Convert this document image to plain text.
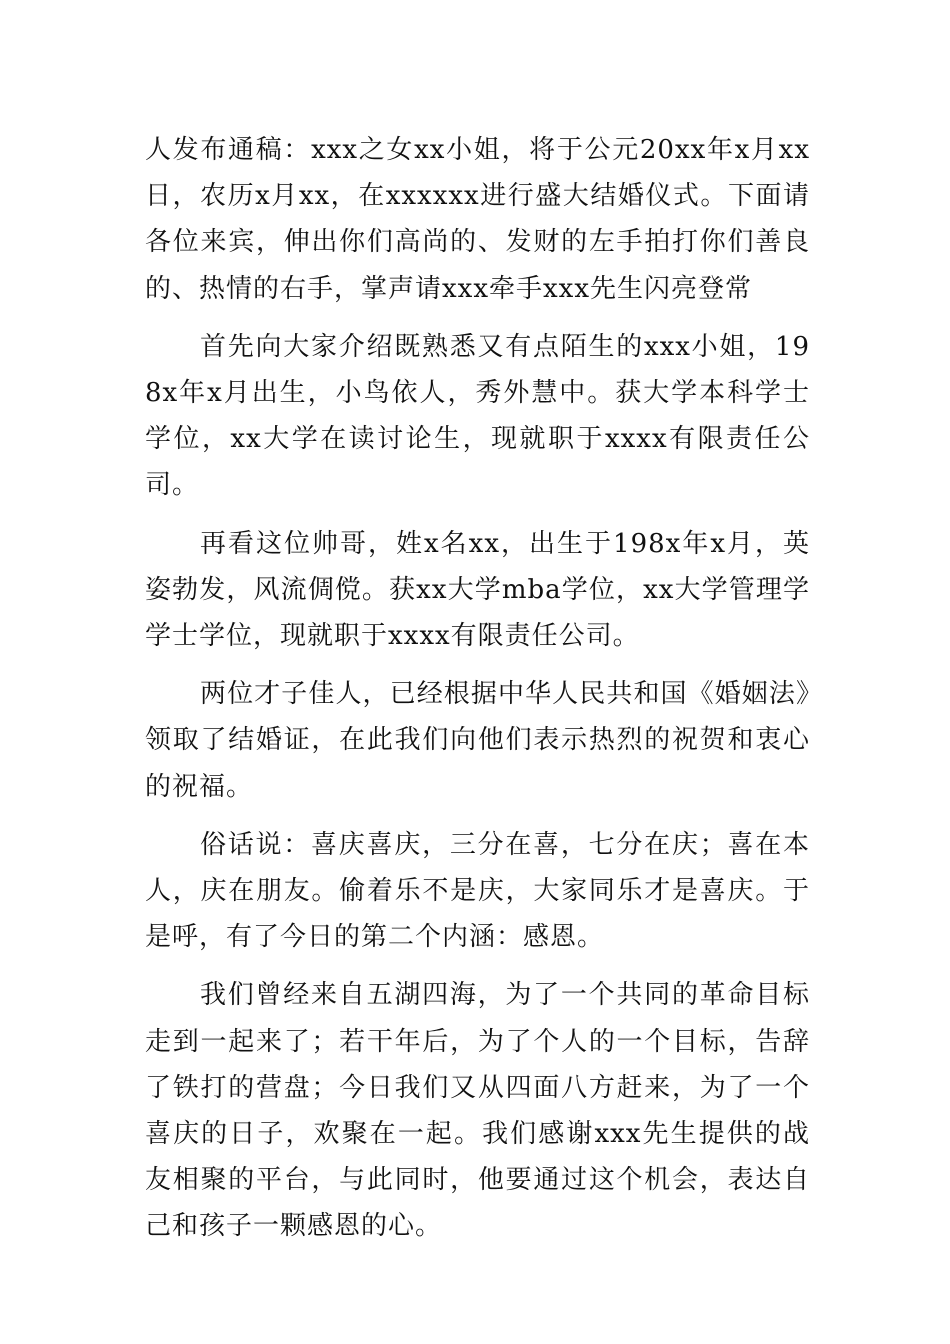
人发布通稿：xxx之女xx小姐，将于公元20xx年x月xx日，农历x月xx，在xxxxxx进行盛大结婚仪式。下面请各位来宾，伸出你们高尚的、发财的左手拍打你们善良的、热情的右手，掌声请xxx牵手xxx先生闪亮登常

首先向大家介绍既熟悉又有点陌生的xxx小姐，198x年x月出生，小鸟依人，秀外慧中。获大学本科学士学位，xx大学在读讨论生，现就职于xxxx有限责任公司。

再看这位帅哥，姓x名xx，出生于198x年x月，英姿勃发，风流倜傥。获xx大学mba学位，xx大学管理学学士学位，现就职于xxxx有限责任公司。

两位才子佳人，已经根据中华人民共和国《婚姻法》领取了结婚证，在此我们向他们表示热烈的祝贺和衷心的祝福。

俗话说：喜庆喜庆，三分在喜，七分在庆；喜在本人，庆在朋友。偷着乐不是庆，大家同乐才是喜庆。于是呼，有了今日的第二个内涵：感恩。

我们曾经来自五湖四海，为了一个共同的革命目标走到一起来了；若干年后，为了个人的一个目标，告辞了铁打的营盘；今日我们又从四面八方赶来，为了一个喜庆的日子，欢聚在一起。我们感谢xxx先生提供的战友相聚的平台，与此同时，他要通过这个机会，表达自己和孩子一颗感恩的心。
